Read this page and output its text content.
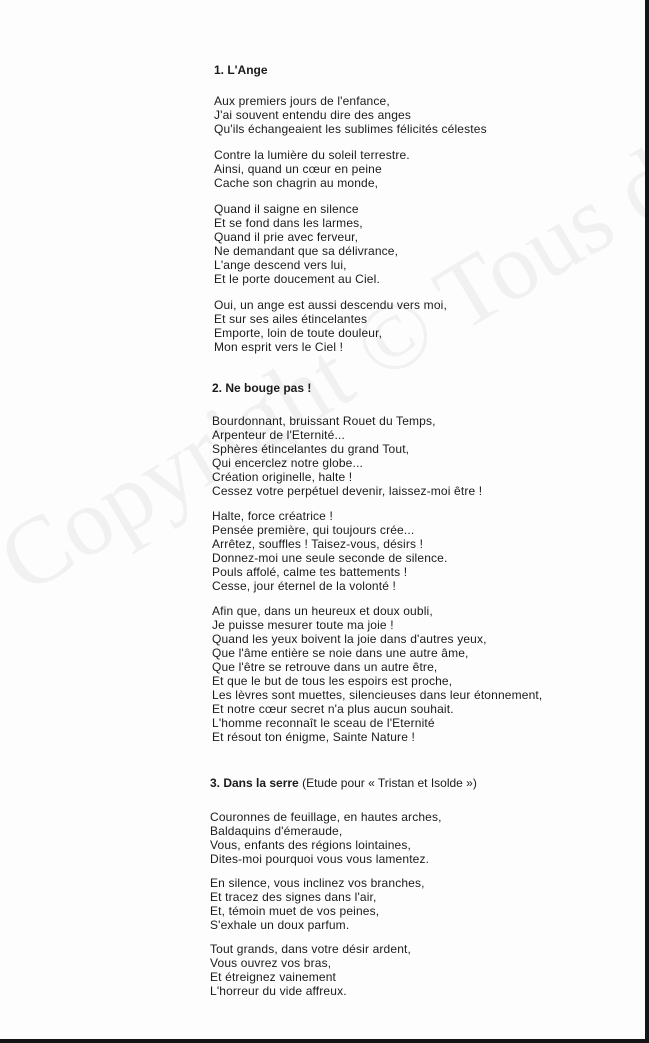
1. L'Ange
Aux premiers jours de l'enfance,
J'ai souvent entendu dire des anges
Qu'ils échangeaient les sublimes félicités célestes
Contre la lumière du soleil terrestre.
Ainsi, quand un cœur en peine
Cache son chagrin au monde,
Quand il saigne en silence
Et se fond dans les larmes,
Quand il prie avec ferveur,
Ne demandant que sa délivrance,
L'ange descend vers lui,
Et le porte doucement au Ciel.
Oui, un ange est aussi descendu vers moi,
Et sur ses ailes étincelantes
Emporte, loin de toute douleur,
Mon esprit vers le Ciel !
2. Ne bouge pas !
Bourdonnant, bruissant Rouet du Temps,
Arpenteur de l'Eternité...
Sphères étincelantes du grand Tout,
Qui encerclez notre globe...
Création originelle, halte !
Cessez votre perpétuel devenir, laissez-moi être !
Halte, force créatrice !
Pensée première, qui toujours crée...
Arrêtez, souffles ! Taisez-vous, désirs !
Donnez-moi une seule seconde de silence.
Pouls affolé, calme tes battements !
Cesse, jour éternel de la volonté !
Afin que, dans un heureux et doux oubli,
Je puisse mesurer toute ma joie !
Quand les yeux boivent la joie dans d'autres yeux,
Que l'âme entière se noie dans une autre âme,
Que l'être se retrouve dans un autre être,
Et que le but de tous les espoirs est proche,
Les lèvres sont muettes, silencieuses dans leur étonnement,
Et notre cœur secret n'a plus aucun souhait.
L'homme reconnaît le sceau de l'Eternité
Et résout ton énigme, Sainte Nature !
3. Dans la serre (Etude pour « Tristan et Isolde »)
Couronnes de feuillage, en hautes arches,
Baldaquins d'émeraude,
Vous, enfants des régions lointaines,
Dites-moi pourquoi vous vous lamentez.
En silence, vous inclinez vos branches,
Et tracez des signes dans l'air,
Et, témoin muet de vos peines,
S'exhale un doux parfum.
Tout grands, dans votre désir ardent,
Vous ouvrez vos bras,
Et étreignez vainement
L'horreur du vide affreux.
